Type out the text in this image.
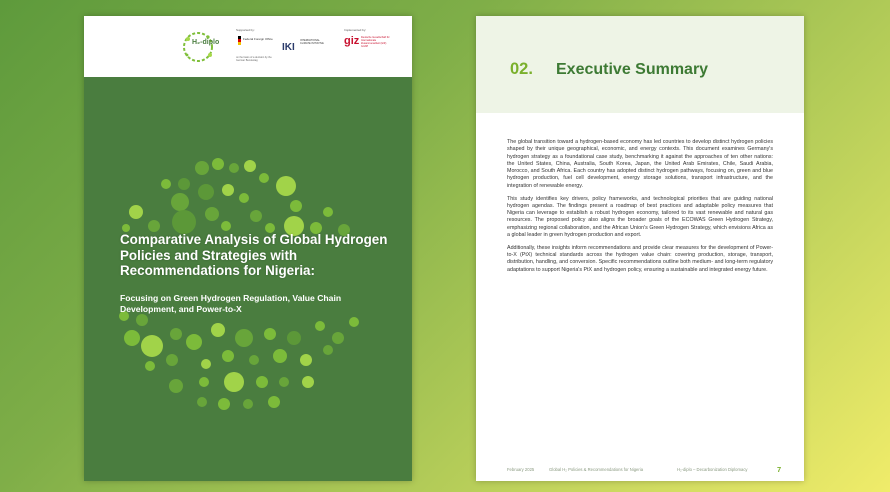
H₂-diplo
Supported by:
Federal Foreign Office
on the basis of a decision by the German Bundestag
IKI
INTERNATIONAL CLIMATE INITIATIVE
Implemented by:
giz Deutsche Gesellschaft für Internationale Zusammenarbeit (GIZ) GmbH
Comparative Analysis of Global Hydrogen Policies and Strategies with Recommendations for Nigeria:
Focusing on Green Hydrogen Regulation, Value Chain Development, and Power-to-X
02. Executive Summary

The global transition toward a hydrogen-based economy has led countries to develop distinct hydrogen policies shaped by their unique geographical, economic, and energy contexts. This document examines Germany's hydrogen strategy as a foundational case study, benchmarking it against the approaches of ten other nations: the United States, China, Australia, South Korea, Japan, the United Arab Emirates, Chile, Saudi Arabia, Morocco, and South Africa. Each country has adopted distinct hydrogen pathways, focusing on, green and blue hydrogen production, fuel cell development, energy storage solutions, transport infrastructure, and the integration of renewable energy.

This study identifies key drivers, policy frameworks, and technological priorities that are guiding national hydrogen agendas. The findings present a roadmap of best practices and adaptable policy measures that Nigeria can leverage to establish a robust hydrogen economy, tailored to its vast renewable and natural gas resources. The proposed policy also aligns the broader goals of the ECOWAS Green Hydrogen Strategy, emphasizing regional collaboration, and the African Union's Green Hydrogen Strategy, which envisions Africa as a global leader in green hydrogen production and export.

Additionally, these insights inform recommendations and provide clear measures for the development of Power-to-X (PtX) technical standards across the hydrogen value chain: covering production, storage, transport, distribution, handling, and conversion. Specific recommendations outline both medium- and long-term regulatory adaptations to support Nigeria's PtX and hydrogen policy, ensuring a sustainable and integrated energy future.

February 2025	Global H₂ Policies & Recommendations for Nigeria	H₂-diplo – Decarbonization Diplomacy	7
